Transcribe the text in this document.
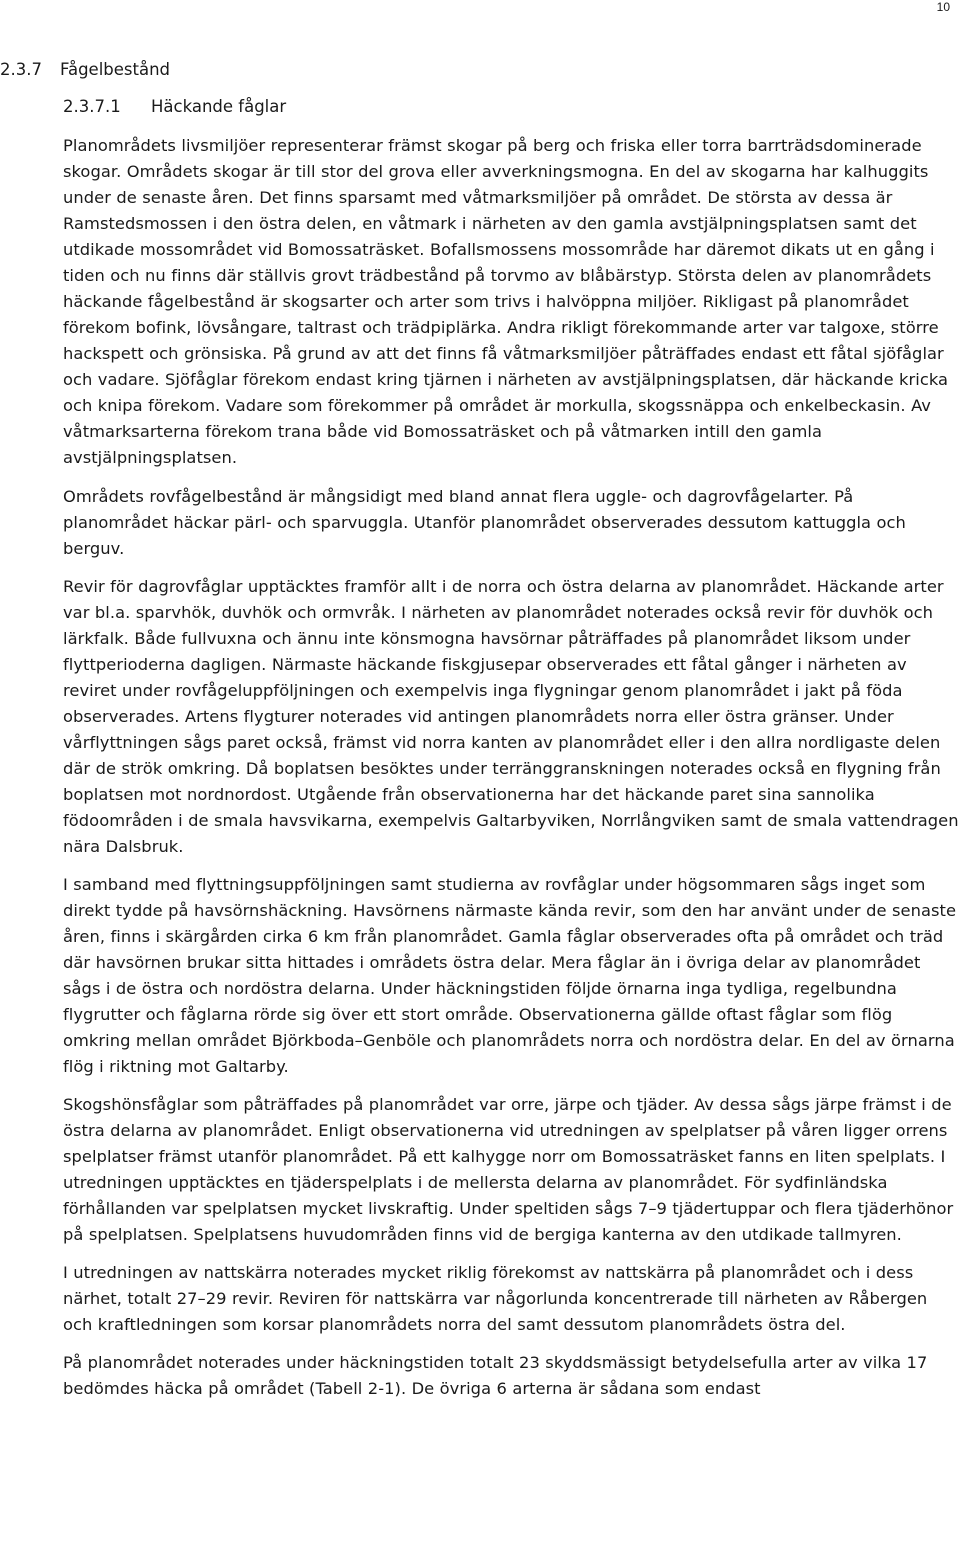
10
2.3.7 Fågelbestånd
2.3.7.1 Häckande fåglar

Planområdets livsmiljöer representerar främst skogar på berg och friska eller torra barrträdsdominerade skogar. Områdets skogar är till stor del grova eller avverkningsmogna. En del av skogarna har kalhuggits under de senaste åren. Det finns sparsamt med våtmarksmiljöer på området. De största av dessa är Ramstedsmossen i den östra delen, en våtmark i närheten av den gamla avstjälpningsplatsen samt det utdikade mossområdet vid Bomossaträsket. Bofallsmossens mossområde har däremot dikats ut en gång i tiden och nu finns där ställvis grovt trädbestånd på torvmo av blåbärstyp. Största delen av planområdets häckande fågelbestånd är skogsarter och arter som trivs i halvöppna miljöer. Rikligast på planområdet förekom bofink, lövsångare, taltrast och trädpiplärka. Andra rikligt förekommande arter var talgoxe, större hackspett och grönsiska. På grund av att det finns få våtmarksmiljöer påträffades endast ett fåtal sjöfåglar och vadare. Sjöfåglar förekom endast kring tjärnen i närheten av avstjälpningsplatsen, där häckande kricka och knipa förekom. Vadare som förekommer på området är morkulla, skogssnäppa och enkelbeckasin. Av våtmarksarterna förekom trana både vid Bomossaträsket och på våtmarken intill den gamla avstjälpningsplatsen.

Områdets rovfågelbestånd är mångsidigt med bland annat flera uggle- och dagrovfågelarter. På planområdet häckar pärl- och sparvuggla. Utanför planområdet observerades dessutom kattuggla och berguv.

Revir för dagrovfåglar upptäcktes framför allt i de norra och östra delarna av planområdet. Häckande arter var bl.a. sparvhök, duvhök och ormvråk. I närheten av planområdet noterades också revir för duvhök och lärkfalk. Både fullvuxna och ännu inte könsmogna havsörnar påträffades på planområdet liksom under flyttperioderna dagligen. Närmaste häckande fiskgjusepar observerades ett fåtal gånger i närheten av reviret under rovfågeluppföljningen och exempelvis inga flygningar genom planområdet i jakt på föda observerades. Artens flygturer noterades vid antingen planområdets norra eller östra gränser. Under vårflyttningen sågs paret också, främst vid norra kanten av planområdet eller i den allra nordligaste delen där de strök omkring. Då boplatsen besöktes under terränggranskningen noterades också en flygning från boplatsen mot nordnordost. Utgående från observationerna har det häckande paret sina sannolika födoområden i de smala havsvikarna, exempelvis Galtarbyviken, Norrlångviken samt de smala vattendragen nära Dalsbruk.

I samband med flyttningsuppföljningen samt studierna av rovfåglar under högsommaren sågs inget som direkt tydde på havsörnshäckning. Havsörnens närmaste kända revir, som den har använt under de senaste åren, finns i skärgården cirka 6 km från planområdet. Gamla fåglar observerades ofta på området och träd där havsörnen brukar sitta hittades i områdets östra delar. Mera fåglar än i övriga delar av planområdet sågs i de östra och nordöstra delarna. Under häckningstiden följde örnarna inga tydliga, regelbundna flygrutter och fåglarna rörde sig över ett stort område. Observationerna gällde oftast fåglar som flög omkring mellan området Björkboda–Genböle och planområdets norra och nordöstra delar. En del av örnarna flög i riktning mot Galtarby.

Skogshönsfåglar som påträffades på planområdet var orre, järpe och tjäder. Av dessa sågs järpe främst i de östra delarna av planområdet. Enligt observationerna vid utredningen av spelplatser på våren ligger orrens spelplatser främst utanför planområdet. På ett kalhygge norr om Bomossaträsket fanns en liten spelplats. I utredningen upptäcktes en tjäderspelplats i de mellersta delarna av planområdet. För sydfinländska förhållanden var spelplatsen mycket livskraftig. Under speltiden sågs 7–9 tjädertuppar och flera tjäderhönor på spelplatsen. Spelplatsens huvudområden finns vid de bergiga kanterna av den utdikade tallmyren.

I utredningen av nattskärra noterades mycket riklig förekomst av nattskärra på planområdet och i dess närhet, totalt 27–29 revir. Reviren för nattskärra var någorlunda koncentrerade till närheten av Råbergen och kraftledningen som korsar planområdets norra del samt dessutom planområdets östra del.

På planområdet noterades under häckningstiden totalt 23 skyddsmässigt betydelsefulla arter av vilka 17 bedömdes häcka på området (Tabell 2-1). De övriga 6 arterna är sådana som endast
